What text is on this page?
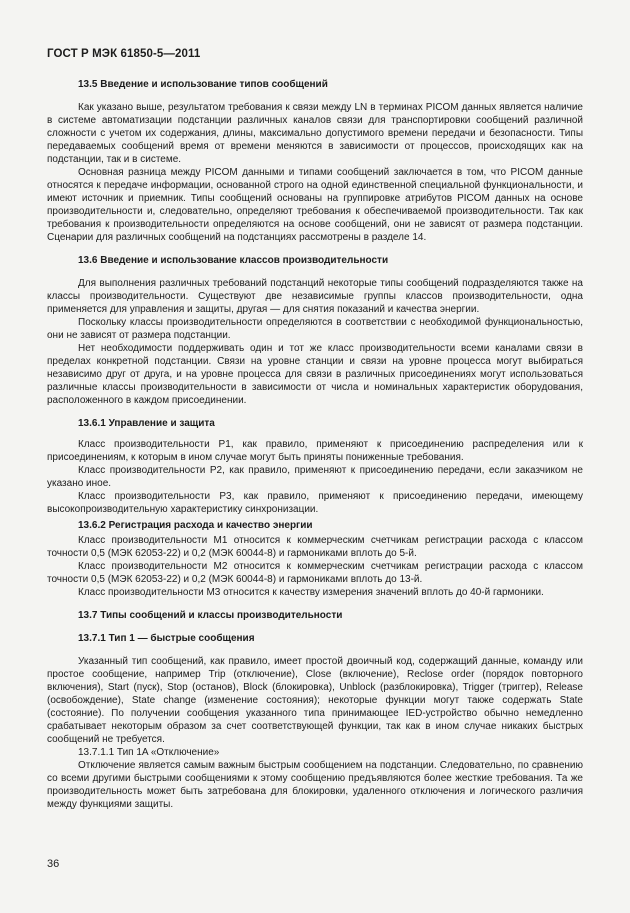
ГОСТ Р МЭК 61850-5—2011
13.5 Введение и использование типов сообщений

Как указано выше, результатом требования к связи между LN в терминах PICOM данных является наличие в системе автоматизации подстанции различных каналов связи для транспортировки сообщений различной сложности с учетом их содержания, длины, максимально допустимого времени передачи и безопасности. Типы передаваемых сообщений время от времени меняются в зависимости от процессов, происходящих как на подстанции, так и в системе.

Основная разница между PICOM данными и типами сообщений заключается в том, что PICOM данные относятся к передаче информации, основанной строго на одной единственной специальной функциональности, и имеют источник и приемник. Типы сообщений основаны на группировке атрибутов PICOM данных на основе производительности и, следовательно, определяют требования к обеспечиваемой производительности. Так как требования к производительности определяются на основе сообщений, они не зависят от размера подстанции. Сценарии для различных сообщений на подстанциях рассмотрены в разделе 14.

13.6 Введение и использование классов производительности

Для выполнения различных требований подстанций некоторые типы сообщений подразделяются также на классы производительности. Существуют две независимые группы классов производительности, одна применяется для управления и защиты, другая — для снятия показаний и качества энергии.

Поскольку классы производительности определяются в соответствии с необходимой функциональностью, они не зависят от размера подстанции.

Нет необходимости поддерживать один и тот же класс производительности всеми каналами связи в пределах конкретной подстанции. Связи на уровне станции и связи на уровне процесса могут выбираться независимо друг от друга, и на уровне процесса для связи в различных присоединениях могут использоваться различные классы производительности в зависимости от числа и номинальных характеристик оборудования, расположенного в каждом присоединении.

13.6.1 Управление и защита

Класс производительности P1, как правило, применяют к присоединению распределения или к присоединениям, к которым в ином случае могут быть приняты пониженные требования.

Класс производительности P2, как правило, применяют к присоединению передачи, если заказчиком не указано иное.

Класс производительности P3, как правило, применяют к присоединению передачи, имеющему высокопроизводительную характеристику синхронизации.

13.6.2 Регистрация расхода и качество энергии

Класс производительности M1 относится к коммерческим счетчикам регистрации расхода с классом точности 0,5 (МЭК 62053-22) и 0,2 (МЭК 60044-8) и гармониками вплоть до 5-й.

Класс производительности M2 относится к коммерческим счетчикам регистрации расхода с классом точности 0,5 (МЭК 62053-22) и 0,2 (МЭК 60044-8) и гармониками вплоть до 13-й.

Класс производительности M3 относится к качеству измерения значений вплоть до 40-й гармоники.

13.7 Типы сообщений и классы производительности
13.7.1 Тип 1 — быстрые сообщения

Указанный тип сообщений, как правило, имеет простой двоичный код, содержащий данные, команду или простое сообщение, например Trip (отключение), Close (включение), Reclose order (порядок повторного включения), Start (пуск), Stop (останов), Block (блокировка), Unblock (разблокировка), Trigger (триггер), Release (освобождение), State change (изменение состояния); некоторые функции могут также содержать State (состояние). По получении сообщения указанного типа принимающее IED-устройство обычно немедленно срабатывает некоторым образом за счет соответствующей функции, так как в ином случае никаких быстрых сообщений не требуется.

13.7.1.1 Тип 1A «Отключение»

Отключение является самым важным быстрым сообщением на подстанции. Следовательно, по сравнению со всеми другими быстрыми сообщениями к этому сообщению предъявляются более жесткие требования. Та же производительность может быть затребована для блокировки, удаленного отключения и логического различия между функциями защиты.

36
